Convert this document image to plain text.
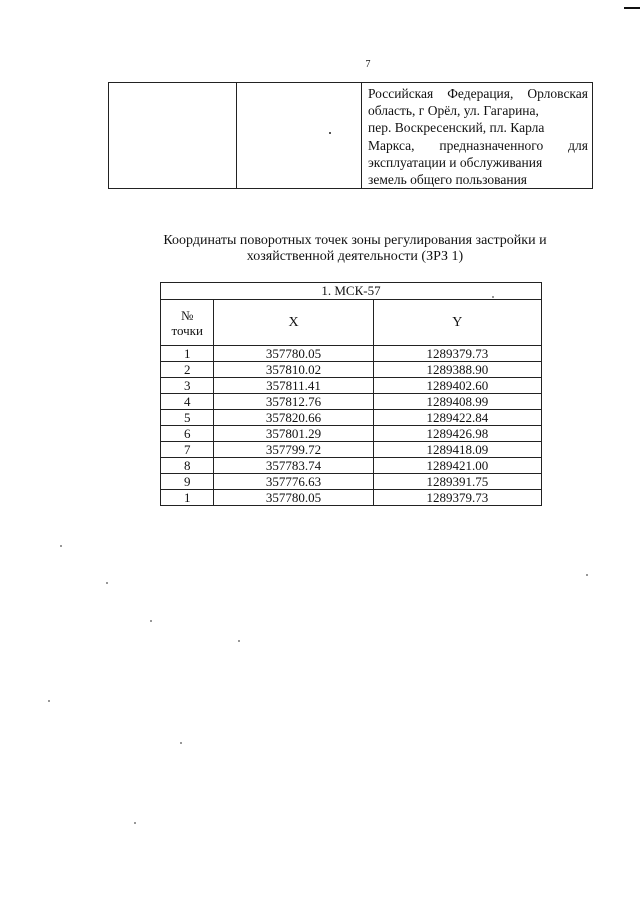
7

Российская Федерация, Орловская
область, г Орёл, ул. Гагарина,
пер. Воскресенский, пл. Карла
Маркса, предназначенного для
эксплуатации и обслуживания
земель общего пользования
Координаты поворотных точек зоны регулирования застройки и
хозяйственной деятельности (ЗРЗ 1)
1. МСК-57		

№
точки	X	Y
1	357780.05	1289379.73
2	357810.02	1289388.90
3	357811.41	1289402.60
4	357812.76	1289408.99
5	357820.66	1289422.84
6	357801.29	1289426.98
7	357799.72	1289418.09
8	357783.74	1289421.00
9	357776.63	1289391.75
1	357780.05	1289379.73
